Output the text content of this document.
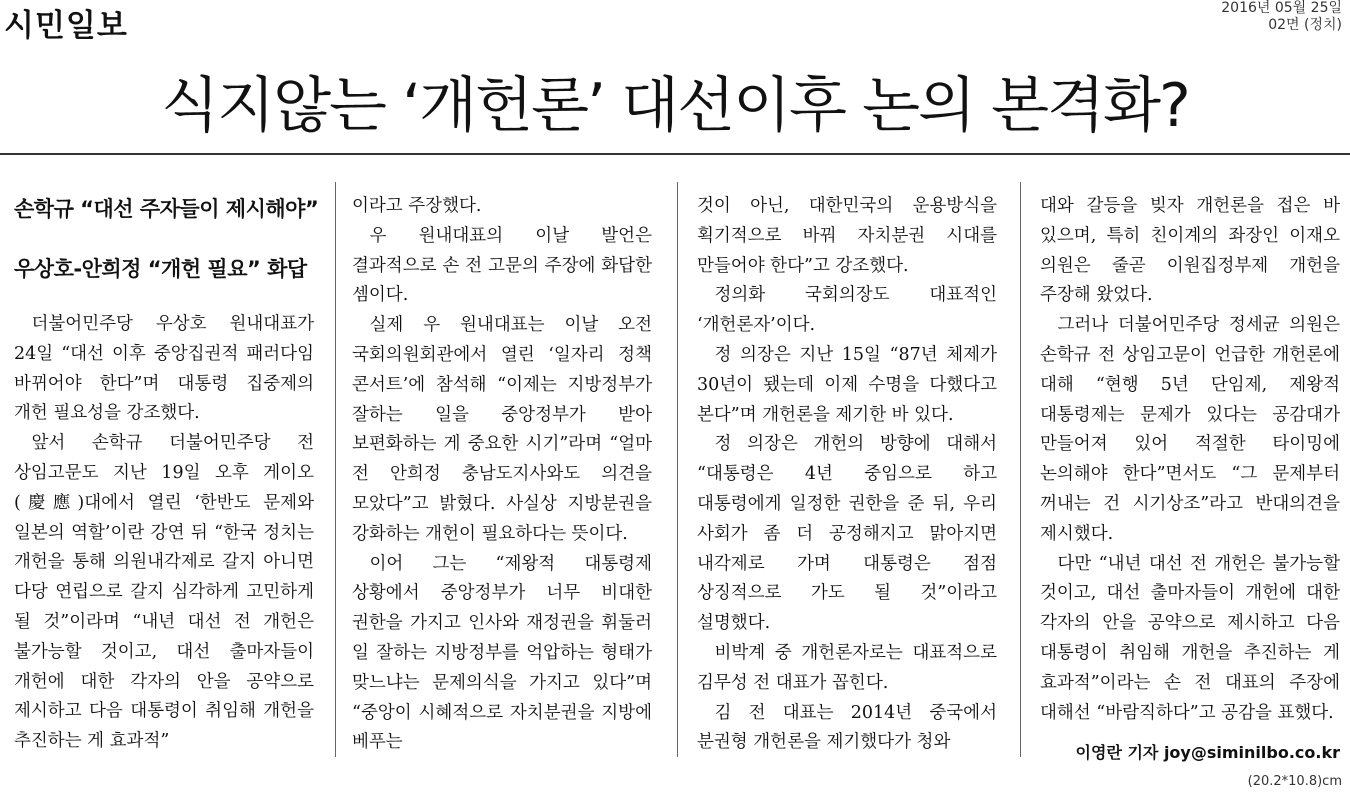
시민일보	2016년 05월 25일
02면 (정치)
식지않는 ‘개헌론’ 대선이후 논의 본격화?
손학규 “대선 주자들이 제시해야”
우상호-안희정 “개헌 필요” 화답

더불어민주당 우상호 원내대표가 24일 “대선 이후 중앙집권적 패러다임 바뀌어야 한다”며 대통령 집중제의 개헌 필요성을 강조했다.

앞서 손학규 더불어민주당 전 상임고문도 지난 19일 오후 게이오(慶應)대에서 열린 ‘한반도 문제와 일본의 역할’이란 강연 뒤 “한국 정치는 개헌을 통해 의원내각제로 갈지 아니면 다당 연립으로 갈지 심각하게 고민하게 될 것”이라며 “내년 대선 전 개헌은 불가능할 것이고, 대선 출마자들이 개헌에 대한 각자의 안을 공약으로 제시하고 다음 대통령이 취임해 개헌을 추진하는 게 효과적”

이라고 주장했다.

우 원내대표의 이날 발언은 결과적으로 손 전 고문의 주장에 화답한 셈이다.

실제 우 원내대표는 이날 오전 국회의원회관에서 열린 ‘일자리 정책 콘서트’에 참석해 “이제는 지방정부가 잘하는 일을 중앙정부가 받아 보편화하는 게 중요한 시기”라며 “얼마 전 안희정 충남도지사와도 의견을 모았다”고 밝혔다. 사실상 지방분권을 강화하는 개헌이 필요하다는 뜻이다.

이어 그는 “제왕적 대통령제 상황에서 중앙정부가 너무 비대한 권한을 가지고 인사와 재정권을 휘둘러 일 잘하는 지방정부를 억압하는 형태가 맞느냐는 문제의식을 가지고 있다”며 “중앙이 시혜적으로 자치분권을 지방에 베푸는

것이 아닌, 대한민국의 운용방식을 획기적으로 바꿔 자치분권 시대를 만들어야 한다”고 강조했다.

정의화 국회의장도 대표적인 ‘개헌론자’이다.

정 의장은 지난 15일 “87년 체제가 30년이 됐는데 이제 수명을 다했다고 본다”며 개헌론을 제기한 바 있다.

정 의장은 개헌의 방향에 대해서 “대통령은 4년 중임으로 하고 대통령에게 일정한 권한을 준 뒤, 우리 사회가 좀 더 공정해지고 맑아지면 내각제로 가며 대통령은 점점 상징적으로 가도 될 것”이라고 설명했다.

비박계 중 개헌론자로는 대표적으로 김무성 전 대표가 꼽힌다.

김 전 대표는 2014년 중국에서 분권형 개헌론을 제기했다가 청와

대와 갈등을 빚자 개헌론을 접은 바 있으며, 특히 친이계의 좌장인 이재오 의원은 줄곧 이원집정부제 개헌을 주장해 왔었다.

그러나 더불어민주당 정세균 의원은 손학규 전 상임고문이 언급한 개헌론에 대해 “현행 5년 단임제, 제왕적 대통령제는 문제가 있다는 공감대가 만들어져 있어 적절한 타이밍에 논의해야 한다”면서도 “그 문제부터 꺼내는 건 시기상조”라고 반대의견을 제시했다.

다만 “내년 대선 전 개헌은 불가능할 것이고, 대선 출마자들이 개헌에 대한 각자의 안을 공약으로 제시하고 다음 대통령이 취임해 개헌을 추진하는 게 효과적”이라는 손 전 대표의 주장에 대해선 “바람직하다”고 공감을 표했다.

이영란 기자 joy@siminilbo.co.kr
(20.2*10.8)cm
